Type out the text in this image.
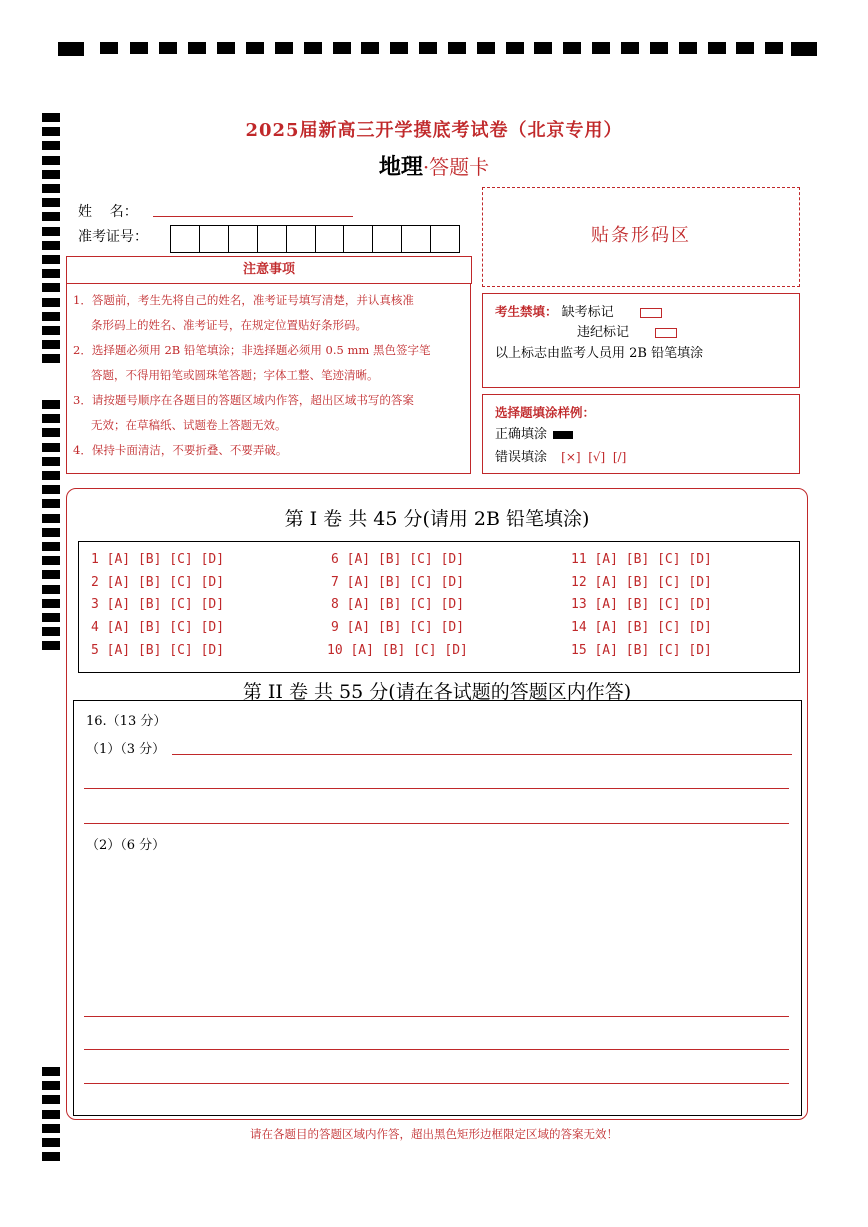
2025届新高三开学摸底考试卷（北京专用）
地理·答题卡
姓    名：
准考证号：
注意事项
1．答题前，考生先将自己的姓名，准考证号填写清楚，并认真核准
条形码上的姓名、准考证号，在规定位置贴好条形码。
2．选择题必须用 2B 铅笔填涂；非选择题必须用 0.5 mm 黑色签字笔
答题，不得用铅笔或圆珠笔答题；字体工整、笔迹清晰。
3．请按题号顺序在各题目的答题区域内作答，超出区域书写的答案
无效；在草稿纸、试题卷上答题无效。
4．保持卡面清洁，不要折叠、不要弄破。
贴条形码区
考生禁填： 缺考标记
违纪标记
以上标志由监考人员用 2B 铅笔填涂
选择题填涂样例：
正确填涂
错误填涂 [×]  [√]  [/]
第 I 卷 共 45 分(请用 2B 铅笔填涂)
1 [A] [B] [C] [D]
2 [A] [B] [C] [D]
3 [A] [B] [C] [D]
4 [A] [B] [C] [D]
5 [A] [B] [C] [D]
6 [A] [B] [C] [D]
7 [A] [B] [C] [D]
8 [A] [B] [C] [D]
9 [A] [B] [C] [D]
10 [A] [B] [C] [D]
11 [A] [B] [C] [D]
12 [A] [B] [C] [D]
13 [A] [B] [C] [D]
14 [A] [B] [C] [D]
15 [A] [B] [C] [D]
第 II 卷 共 55 分(请在各试题的答题区内作答)
16.（13 分）
（1）（3 分）
（2）（6 分）
请在各题目的答题区域内作答，超出黑色矩形边框限定区域的答案无效！
